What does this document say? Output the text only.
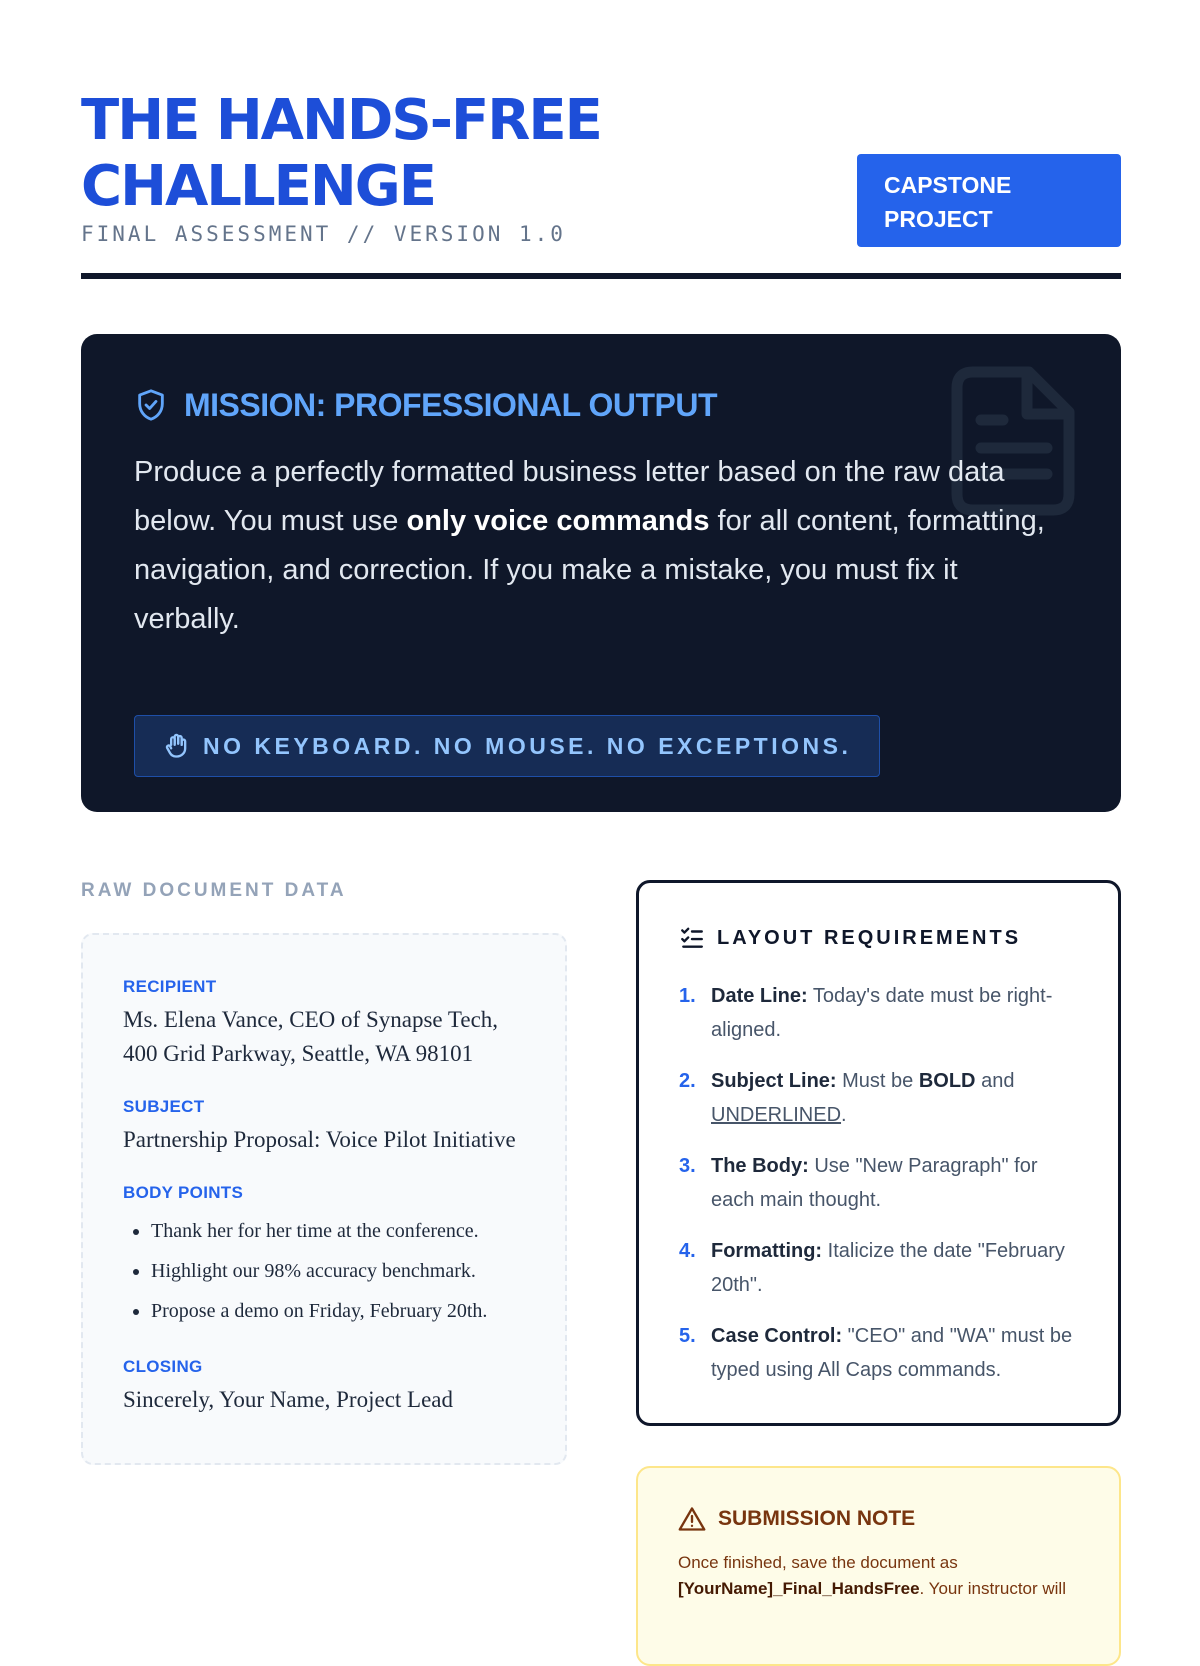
THE HANDS-FREE
CHALLENGE
FINAL ASSESSMENT // VERSION 1.0
CAPSTONE
PROJECT
MISSION: PROFESSIONAL OUTPUT

Produce a perfectly formatted business letter based on the raw data below. You must use only voice commands for all content, formatting, navigation, and correction. If you make a mistake, you must fix it verbally.

NO KEYBOARD. NO MOUSE. NO EXCEPTIONS.
RAW DOCUMENT DATA
RECIPIENT
Ms. Elena Vance, CEO of Synapse Tech, 400 Grid Parkway, Seattle, WA 98101
SUBJECT
Partnership Proposal: Voice Pilot Initiative
BODY POINTS
• Thank her for her time at the conference.
• Highlight our 98% accuracy benchmark.
• Propose a demo on Friday, February 20th.
CLOSING
Sincerely, Your Name, Project Lead
LAYOUT REQUIREMENTS
1. Date Line: Today's date must be right-aligned.
2. Subject Line: Must be BOLD and UNDERLINED.
3. The Body: Use "New Paragraph" for each main thought.
4. Formatting: Italicize the date "February 20th".
5. Case Control: "CEO" and "WA" must be typed using All Caps commands.
SUBMISSION NOTE

Once finished, save the document as [YourName]_Final_HandsFree. Your instructor will
